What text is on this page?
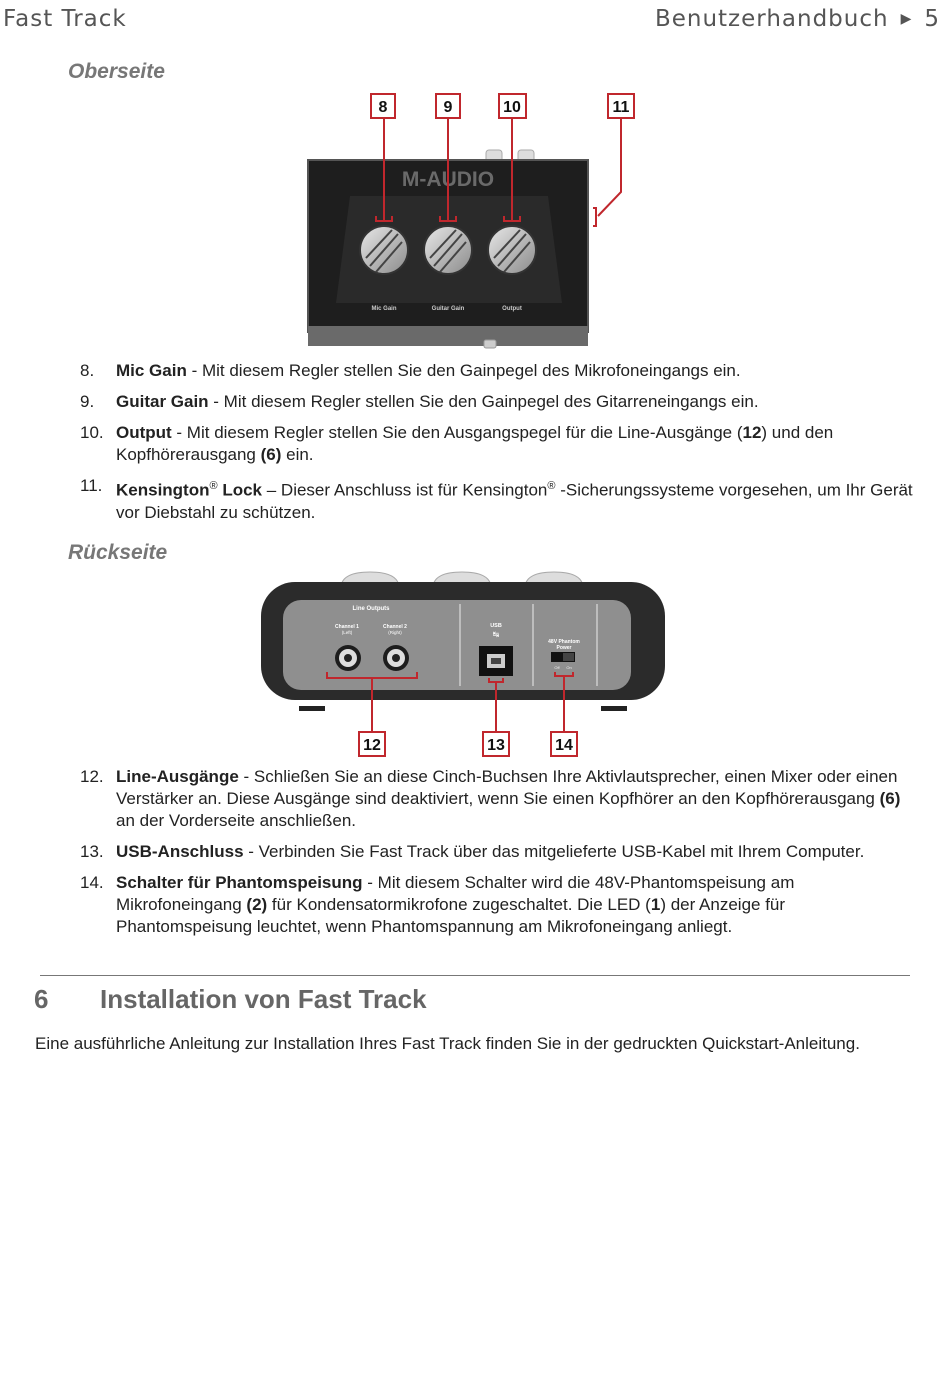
Fast Track	Benutzerhandbuch ▶ 5
Oberseite
M-AUDIO
Mic Gain	Guitar Gain	Output
8	9	10	11
8.	Mic Gain - Mit diesem Regler stellen Sie den Gainpegel des Mikrofoneingangs ein.
9.	Guitar Gain - Mit diesem Regler stellen Sie den Gainpegel des Gitarreneingangs ein.
10. Output - Mit diesem Regler stellen Sie den Ausgangspegel für die Line-Ausgänge (12) und den Kopfhörerausgang (6) ein.
11. Kensington® Lock – Dieser Anschluss ist für Kensington® -Sicherungssysteme vorgesehen, um Ihr Gerät vor Diebstahl zu schützen.
Rückseite
Line Outputs
Channel 1
(Left)
Channel 2
(Right)
USB
↹
48V Phantom
Power
Off On
12	13	14
12. Line-Ausgänge - Schließen Sie an diese Cinch-Buchsen Ihre Aktivlautsprecher, einen Mixer oder einen Verstärker an. Diese Ausgänge sind deaktiviert, wenn Sie einen Kopfhörer an den Kopfhörerausgang (6) an der Vorderseite anschließen.
13. USB-Anschluss - Verbinden Sie Fast Track über das mitgelieferte USB-Kabel mit Ihrem Computer.
14. Schalter für Phantomspeisung - Mit diesem Schalter wird die 48V-Phantomspeisung am Mikrofoneingang (2) für Kondensatormikrofone zugeschaltet. Die LED (1) der Anzeige für Phantomspeisung leuchtet, wenn Phantomspannung am Mikrofoneingang anliegt.
6	Installation von Fast Track
Eine ausführliche Anleitung zur Installation Ihres Fast Track finden Sie in der gedruckten Quickstart-Anleitung.
